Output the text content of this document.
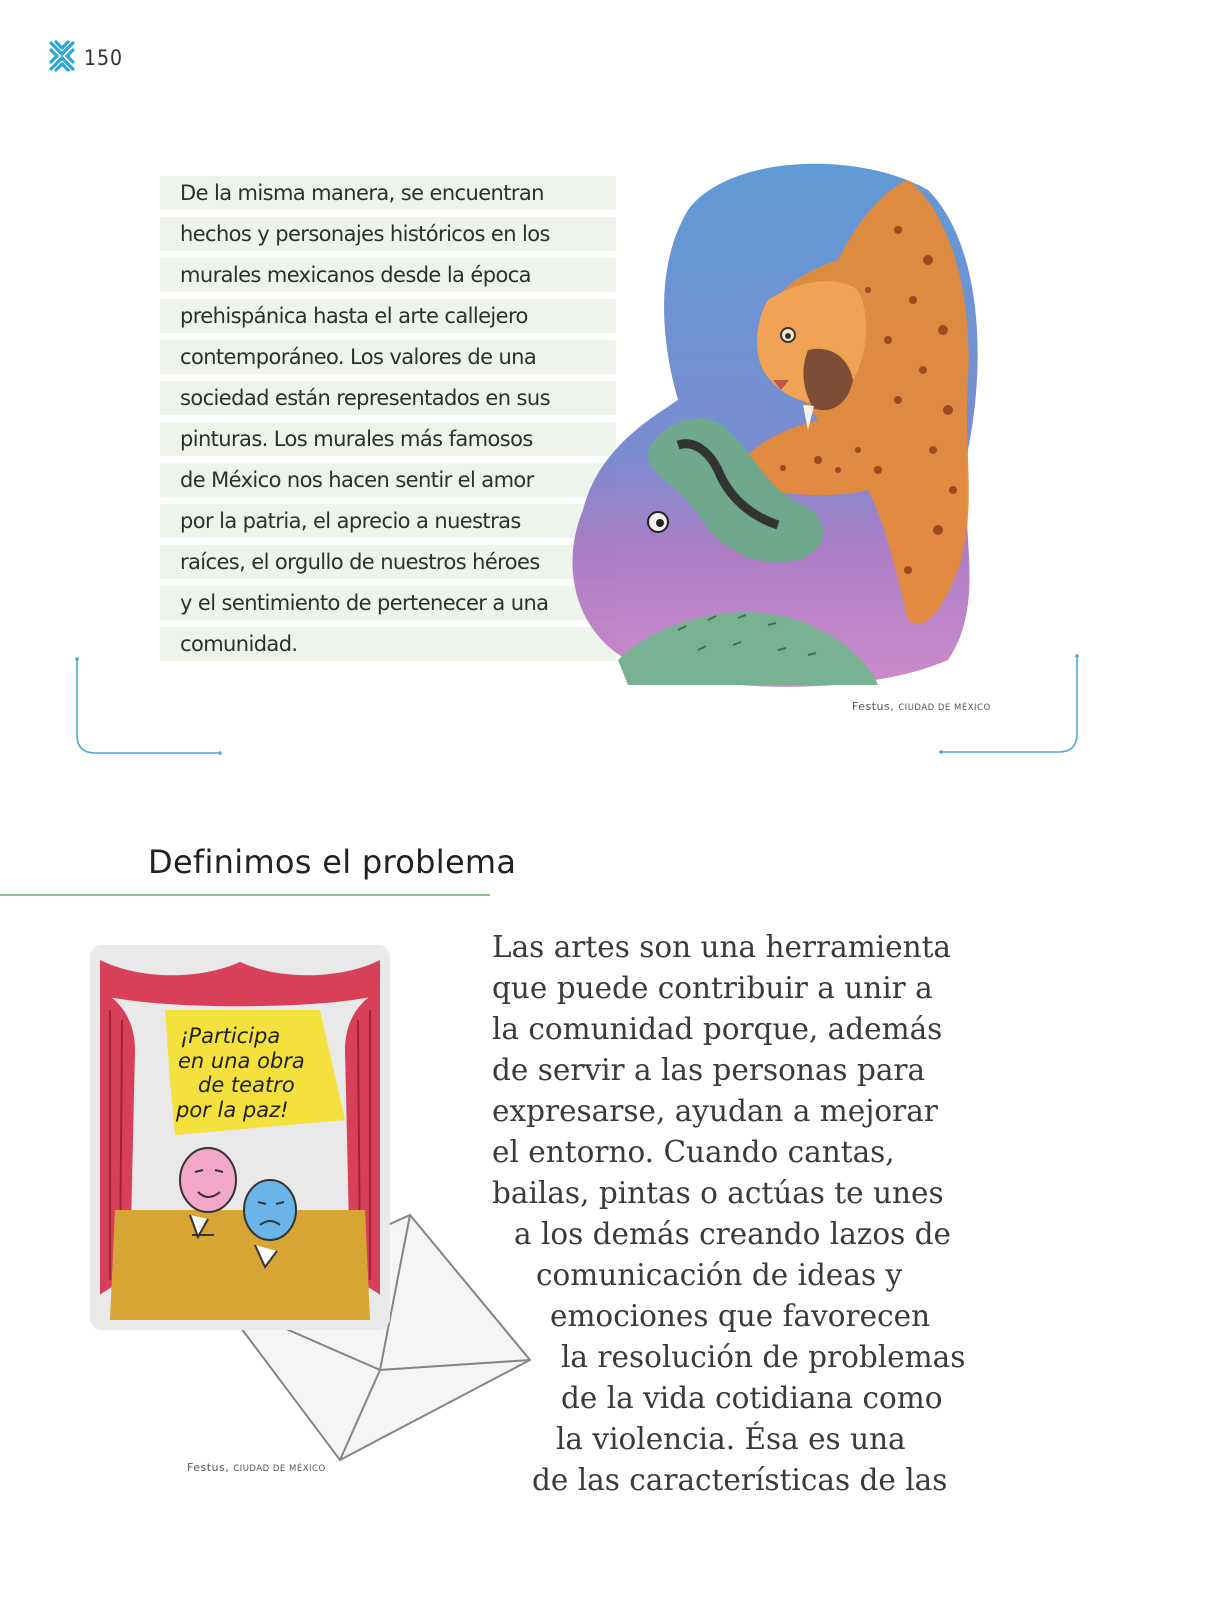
150
De la misma manera, se encuentran
hechos y personajes históricos en los
murales mexicanos desde la época
prehispánica hasta el arte callejero
contemporáneo. Los valores de una
sociedad están representados en sus
pinturas. Los murales más famosos
de México nos hacen sentir el amor
por la patria, el aprecio a nuestras
raíces, el orgullo de nuestros héroes
y el sentimiento de pertenecer a una
comunidad.
Festus, CIUDAD DE MÉXICO
Definimos el problema
¡Participa
en una obra
de teatro
por la paz!
Festus, CIUDAD DE MÉXICO
Las artes son una herramienta
que puede contribuir a unir a
la comunidad porque, además
de servir a las personas para
expresarse, ayudan a mejorar
el entorno. Cuando cantas,
bailas, pintas o actúas te unes
a los demás creando lazos de
comunicación de ideas y
emociones que favorecen
la resolución de problemas
de la vida cotidiana como
la violencia. Ésa es una
de las características de las
